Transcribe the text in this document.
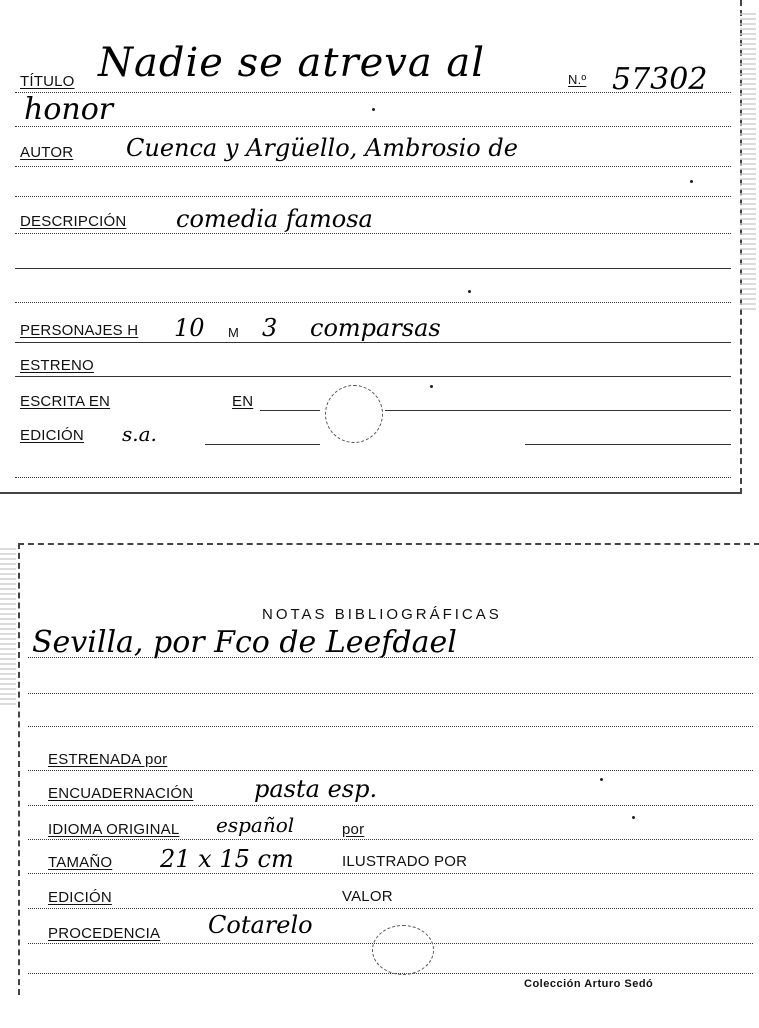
TÍTULO Nadie se atreva al	N.º 57302
honor
AUTOR Cuenca y Argüello, Ambrosio de
DESCRIPCIÓN comedia famosa
PERSONAJES H 10 M 3 comparsas
ESTRENO
ESCRITA EN	EN
EDICIÓN s.a.
NOTAS BIBLIOGRÁFICAS
Sevilla, por Fco de Leefdael
ESTRENADA por
ENCUADERNACIÓN	pasta esp.
IDIOMA ORIGINAL español	por
TAMAÑO 21 x 15 cm	ILUSTRADO POR
EDICIÓN	VALOR
PROCEDENCIA Cotarelo
Colección Arturo Sedó
